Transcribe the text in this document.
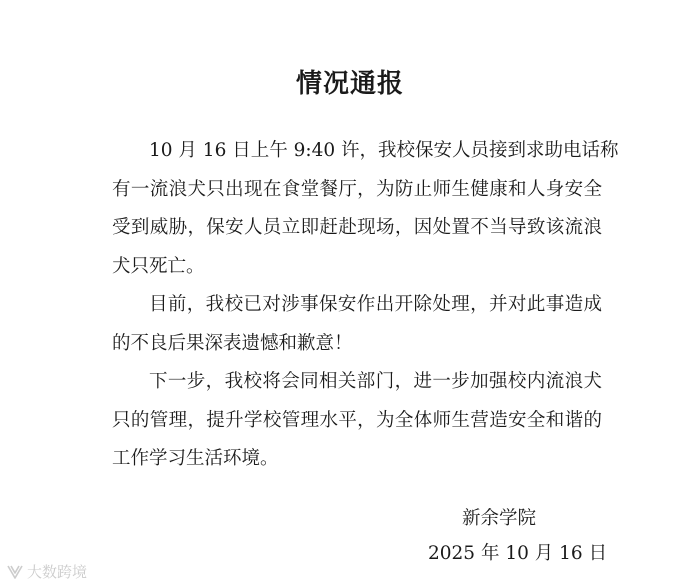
情况通报
10 月 16 日上午 9:40 许，我校保安人员接到求助电话称
有一流浪犬只出现在食堂餐厅，为防止师生健康和人身安全
受到威胁，保安人员立即赶赴现场，因处置不当导致该流浪
犬只死亡。
目前，我校已对涉事保安作出开除处理，并对此事造成
的不良后果深表遗憾和歉意！
下一步，我校将会同相关部门，进一步加强校内流浪犬
只的管理，提升学校管理水平，为全体师生营造安全和谐的
工作学习生活环境。
新余学院
2025 年 10 月 16 日
大数跨境
